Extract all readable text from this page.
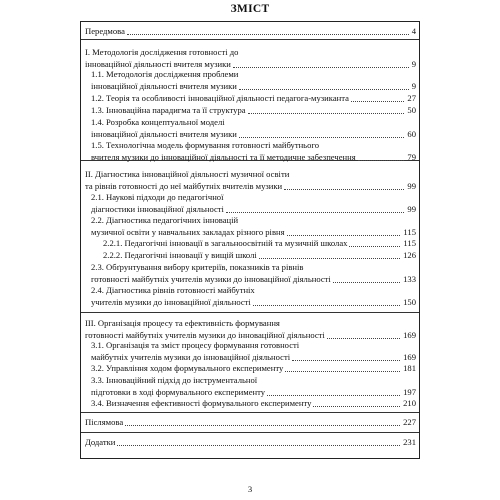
ЗМІСТ
Передмова	4
І. Методологія дослідження готовності до
інноваційної діяльності вчителя музики	9
1.1. Методологія дослідження проблеми
інноваційної діяльності вчителя музики	9
1.2. Теорія та особливості інноваційної діяльності педагога-музиканта	27
1.3. Інноваційна парадигма та її структура	50
1.4. Розробка концептуальної моделі
інноваційної діяльності вчителя музики	60
1.5. Технологічна модель формування готовності майбутнього
вчителя музики до інноваційної діяльності та її методичне забезпечення	79
ІІ. Діагностика інноваційної діяльності музичної освіти
та рівнів готовності до неї майбутніх вчителів музики	99
2.1. Наукові підходи до педагогічної
діагностики інноваційної діяльності	99
2.2. Діагностика педагогічних інновацій
музичної освіти у навчальних закладах різного рівня	115
2.2.1. Педагогічні інновації в загальноосвітній та музичній школах	115
2.2.2. Педагогічні інновації у вищій школі	126
2.3. Обґрунтування вибору критеріїв, показників та рівнів
готовності майбутніх учителів музики до інноваційної діяльності	133
2.4. Діагностика рівнів готовності майбутніх
учителів музики до інноваційної діяльності	150
ІІІ. Організація процесу та ефективність формування
готовності майбутніх учителів музики до інноваційної діяльності	169
3.1. Організація та зміст процесу формування готовності
майбутніх учителів музики до інноваційної діяльності	169
3.2. Управління ходом формувального експерименту	181
3.3. Інноваційний підхід до інструментальної
підготовки в ході формувального експерименту	197
3.4. Визначення ефективності формувального експерименту	210
Післямова	227
Додатки	231
3
